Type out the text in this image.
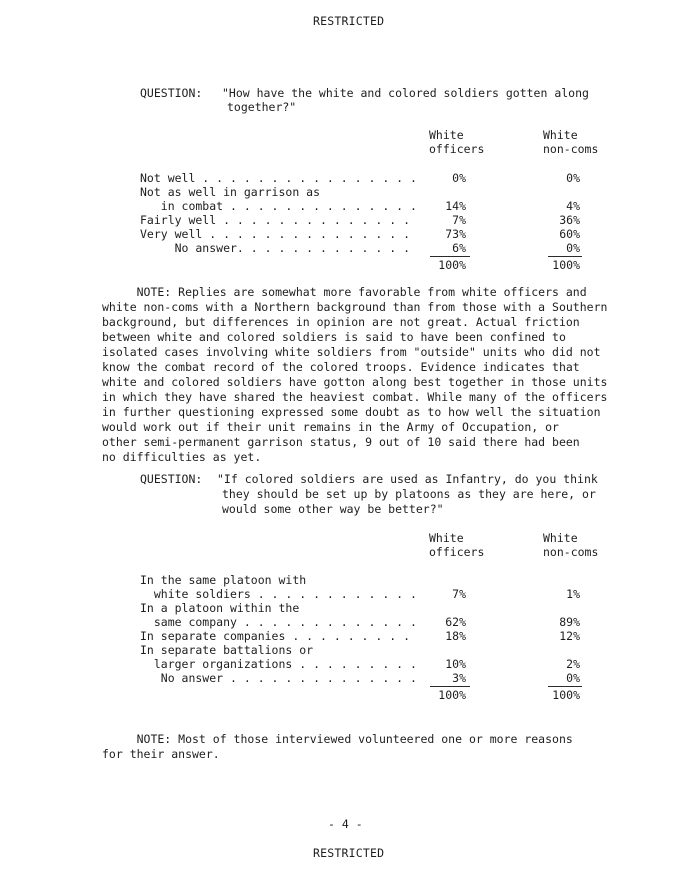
RESTRICTED
RESTRICTED
- 4 -
QUESTION: "How have the white and colored soldiers gotten along
together?"
White
officers
White
non-coms
Not well . . . . . . . . . . . . . . . .	0%	0%
Not as well in garrison as
in combat . . . . . . . . . . . . . .	14%	4%
Fairly well . . . . . . . . . . . . . .	7%	36%
Very well . . . . . . . . . . . . . . .	73%	60%
No answer. . . . . . . . . . . . .	6%	0%
100%	100%
NOTE: Replies are somewhat more favorable from white officers and
white non-coms with a Northern background than from those with a Southern
background, but differences in opinion are not great. Actual friction
between white and colored soldiers is said to have been confined to
isolated cases involving white soldiers from "outside" units who did not
know the combat record of the colored troops. Evidence indicates that
white and colored soldiers have gotton along best together in those units
in which they have shared the heaviest combat. While many of the officers
in further questioning expressed some doubt as to how well the situation
would work out if their unit remains in the Army of Occupation, or
other semi-permanent garrison status, 9 out of 10 said there had been
no difficulties as yet.
QUESTION: "If colored soldiers are used as Infantry, do you think
they should be set up by platoons as they are here, or
would some other way be better?"
White
officers
White
non-coms
In the same platoon with
white soldiers . . . . . . . . . . . .	7%	1%
In a platoon within the
same company . . . . . . . . . . . . .	62%	89%
In separate companies . . . . . . . . .	18%	12%
In separate battalions or
larger organizations . . . . . . . . .	10%	2%
No answer . . . . . . . . . . . . . .	3%	0%
100%	100%
NOTE: Most of those interviewed volunteered one or more reasons
for their answer.
